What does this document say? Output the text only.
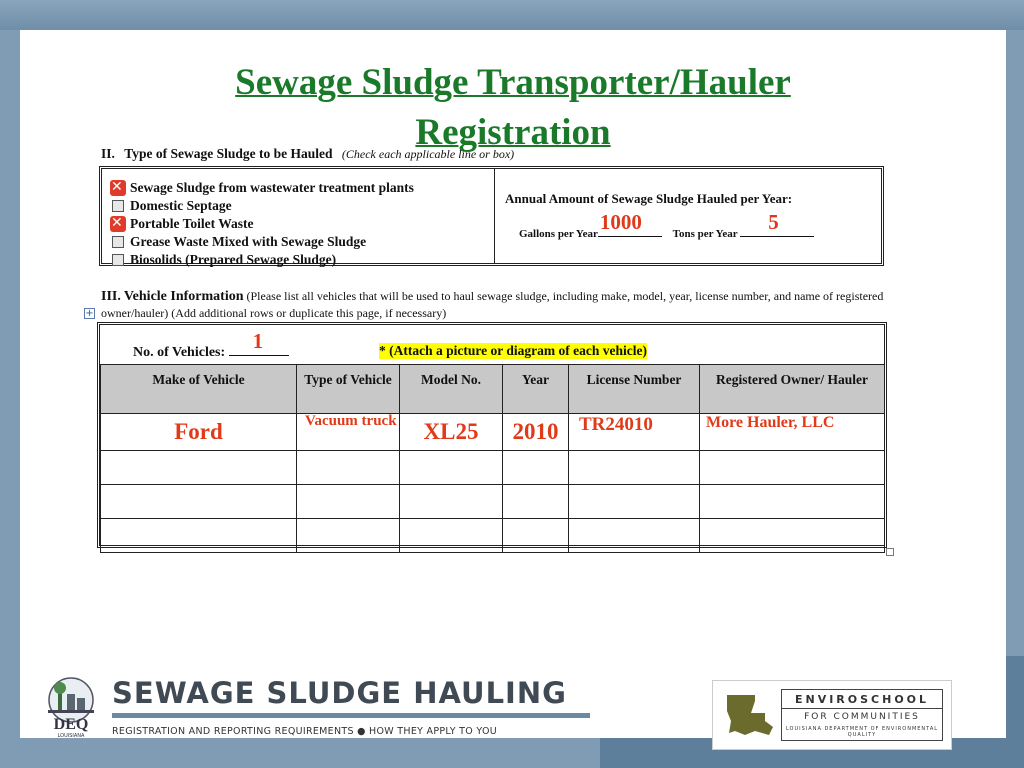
Sewage Sludge Transporter/Hauler
Registration
II. Type of Sewage Sludge to be Hauled (Check each applicable line or box)
✕
Sewage Sludge from wastewater treatment plants
Domestic Septage
✕
Portable Toilet Waste
Grease Waste Mixed with Sewage Sludge
Biosolids (Prepared Sewage Sludge)
Annual Amount of Sewage Sludge Hauled per Year:
Gallons per Year 1000	Tons per Year 5
III. Vehicle Information (Please list all vehicles that will be used to haul sewage sludge, including make, model, year, license number, and name of registered owner/hauler) (Add additional rows or duplicate this page, if necessary)
+
No. of Vehicles: 1	* (Attach a picture or diagram of each vehicle)
Make of Vehicle	Type of Vehicle	Model No.	Year	License Number	Registered Owner/ Hauler
Ford	Vacuum truck	XL25	2010	TR24010	More Hauler, LLC

DEQ
LOUISIANA
SEWAGE SLUDGE HAULING
REGISTRATION AND REPORTING REQUIREMENTS ● HOW THEY APPLY TO YOU
ENVIROSCHOOL
FOR COMMUNITIES
LOUISIANA DEPARTMENT OF ENVIRONMENTAL QUALITY
